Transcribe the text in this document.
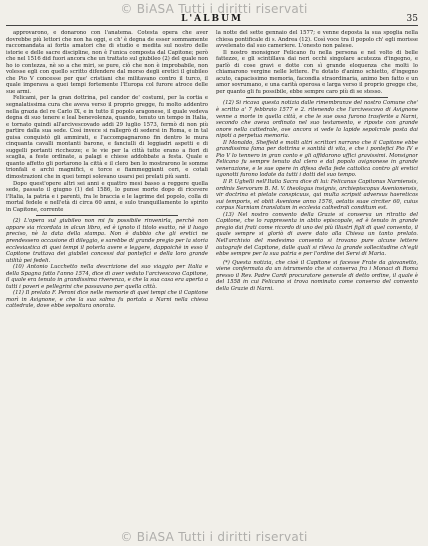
© BiASA Tutti i diritti riservati
L'ALBUM	35

approvarono, e donarono con l'anatema. Cotesta opera che aver dovrebbe più lettori che non ha oggi, e ch' è degna de esser sommamente raccomandata ai fortis amatori che di studio e medita sul nostro delle istorie e delle sacre discipline, non è l'unica composta dal Capitone; però che nel 1516 did fuori ancora che un trattato sul giubileo (2) del quale non ho io contezza, nè so a che miri, se pure, ciò che non è improbabile, non volesse egli con quello scritto difendere dal morso degli eretici il giubileo che Pio V concesse per que' cristiani che militavano contro il turco, il quale imperava a quei tempi fortemente l'Europa col furore atroce delle sue armi.

Felicami, per la gran dottrina, pel candor de' costumi, per la cortia e segnalatissima cura che aveva verso il proprio gregge, fu molto addentro nella grazia del re Carlo IX, e in tutto il popolo aragonese, il quale vedeva degna di suo tenere e leal benevolenza, quando, tenuto un tempo in Italia, e tornato quindi all'arcivescovado addi 29 luglio 1573, fermò di non più partire dalla sua sede. Così invece si rallegrò di sedersi in Roma, e in tal guisa conquistò gli ammirati, e l'accompagnarono fin dentro le mura cinquanta cavalli montanti barone, e fanciulli di leggiadri aspetti e di suggelli portanti ricchezze; e le vie per la città tutte erano a fiori di scaglia, a feste ordinate, a palagi e chiese addobbate a festa. Quale e quanto affetto gli portarono la città e il clero ben lo mostrarono le somme trionfali e archi magnifici, e torce e fiammeggianti ceri, e cotali dimostrazioni che in quei tempi solevano usarsi pei prelati più santi.

Dopo quest'opere altri sei anni e quattro mesi basso a reggere quella sede, passato il giugno (1) del 1586, lo punse morte dopo di ricevere l'Italia, la patria e i parenti, fra le braccia e le lagrime del popolo, colla di mortal fedele e nell'età di circa 60 anni, e sulo tranquillamente lo spirito in Capitone, corrente

(2) L'opera sul giubileo non mi fu possibile rinvenirla, perchè non appare sia ricordata in alcun libro, ed è ignoto il titolo esatto, nè il luogo preciso, nè la data della stampa. Non è dubbio che gli eretici ne prendessero occasione di dileggio, e sarebbe di grande pregio per la storia ecclesiastica di quei tempi il poterla avere e leggere, dappoichè in esso il Capitone trattava dei giubilei concessi dai pontefici e della loro grande utilità pei fedeli.

(10) Antonio Lucchetto nella descrizione del suo viaggio per Italia e della Spagna fatto l'anno 1574, dice di aver veduto l'arcivescovo Capitone, il quale era tenuto in grandissima riverenza, e che la sua casa era aperta a tutti i poveri e pellegrini che passavano per quella città.

(11) Il prelato F. Peroni dice nelle memorie di quei tempi che il Capitone morì in Avignone, e che la sua salma fu portata a Narni nella chiesa cattedrale, dove ebbe sepoltura onorata.

la notte del sette gennaio del 1577; e venne deposta la sua spoglia nella chiesa pontificale di s. Andrea (12). Così voce tra il popolo ch' egli morisse avvelenato dal suo cameriere. L'onesto non palese.

Il nostro monsignor Felicano fu nella persona e nel volto di belle fattezze, e gli scintillava dai neri occhi singolare acutezza d'ingegno, e parlò di cose gravi e dotte con sì grande eloquenza che molti lo chiamarono vergine nelle lettere. Fu dotato d'animo schietto, d'ingegno acuto, capacissimo memoria, facondia straordinaria, animo ben fatto e un amor sovrumano, e una carità operosa e larga verso il proprio gregge che, per quanto gli fu possibile, ebbe sempre caro più di se stesso.

(12) Si ricava questa notizia dalle rimembranze del nostro Comune che' è scritto a' 7 febbraio 1577 e 2. ritenendo che l'arcivescovo di Avignone venne a morte in quella città, e che le sue ossa furono trasferite a Narni, secondo che aveva ordinato nel suo testamento, e riposte con grande onore nella cattedrale, ove ancora si vede la lapide sepolcrale posta dai nipoti a perpetua memoria.

Il Monaldo, Sheffeld e molti altri scrittori narrano che il Capitone ebbe grandissima fama per dottrina e santità di vita, e che i pontefici Pio IV e Pio V lo tennero in gran conto e gli affidarono uffici gravissimi. Monsignor Felicano fu sempre tenuto dal clero e dal popolo avignonese in grande venerazione, e le sue opere in difesa della fede cattolica contro gli eretici ugonotti furono lodate da tutti i dotti del suo tempo.

Il P. Ughelli nell'Italia Sacra dice di lui: Felicanus Capitonus Narniensis, ordinis Servorum B. M. V. theologus insignis, archiepiscopus Avenionensis, vir doctrina et pietate conspicuus, qui multa scripsit adversus haereticos sui temporis, et obiit Avenione anno 1576, aetatis suae circiter 60, cuius corpus Narniam translatum in ecclesia cathedrali conditum est.

(13) Nel nostro convento della Grazie si conserva un ritratto del Capitone, che lo rappresenta in abito episcopale, ed è tenuto in grande pregio dai frati come ricordo di uno dei più illustri figli di quel convento, il quale sempre si gloriò di avere dato alla Chiesa un tanto prelato. Nell'archivio del medesimo convento si trovano pure alcune lettere autografe del Capitone, dalle quali si rileva la grande sollecitudine ch'egli ebbe sempre per la sua patria e per l'ordine dei Servi di Maria.

(*) Questa notizia, che cioè il Capitone si facesse Frate da giovanetto, viene confermata da un istrumento che si conserva fra i Monaci di Roma presso il Rev. Padre Cardi procuratore generale di detto ordine, il quale è del 1558 in cui Felicano si trova nominato come converso del convento della Grazie di Narni.

© BiASA Tutti i diritti riservati
